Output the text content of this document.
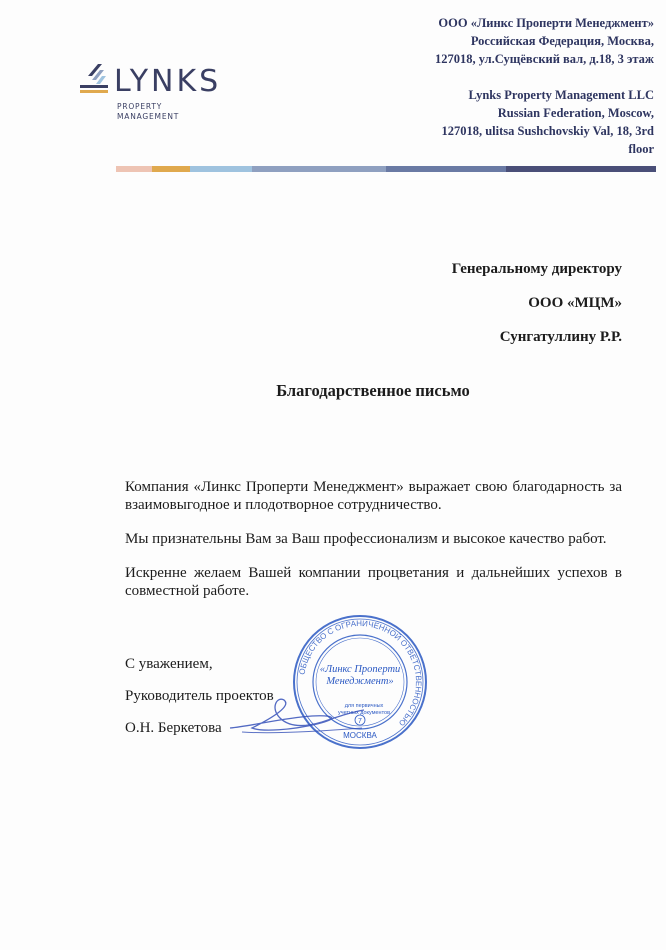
LYNKS
PROPERTY
MANAGEMENT
ООО «Линкс Проперти Менеджмент»
Российская Федерация, Москва,
127018, ул.Сущёвский вал, д.18, 3 этаж
Lynks Property Management LLC
Russian Federation, Moscow,
127018, ulitsa Sushchovskiy Val, 18, 3rd
floor
Генеральному директору
ООО «МЦМ»
Сунгатуллину Р.Р.
Благодарственное письмо

Компания «Линкс Проперти Менеджмент» выражает свою благодарность за взаимовыгодное и плодотворное сотрудничество.

Мы признательны Вам за Ваш профессионализм и высокое качество работ.

Искренне желаем Вашей компании процветания и дальнейших успехов в совместной работе.

С уважением,
Руководитель проектов
О.Н. Беркетова
ОБЩЕСТВО С ОГРАНИЧЕННОЙ ОТВЕТСТВЕННОСТЬЮ
«Линкс Проперти
Менеджмент»
для первичных
учетных документов
7
МОСКВА
